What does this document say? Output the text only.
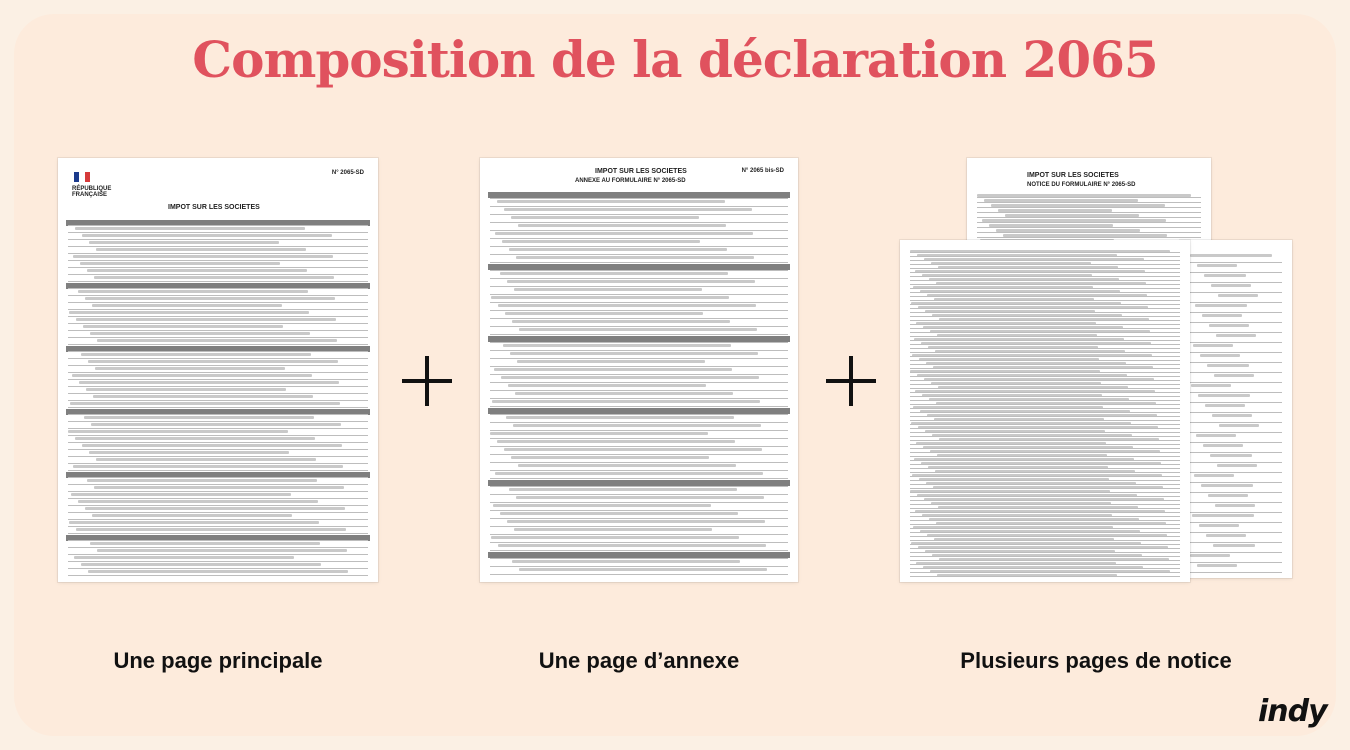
Composition de la déclaration 2065
RÉPUBLIQUE FRANÇAISE
N° 2065-SD
IMPOT SUR LES SOCIETES
IMPOT SUR LES SOCIETES
ANNEXE AU FORMULAIRE N° 2065-SD
N° 2065 bis-SD
IMPOT SUR LES SOCIETES
NOTICE DU FORMULAIRE N° 2065-SD
Une page principale	Une page d’annexe	Plusieurs pages de notice
indy
